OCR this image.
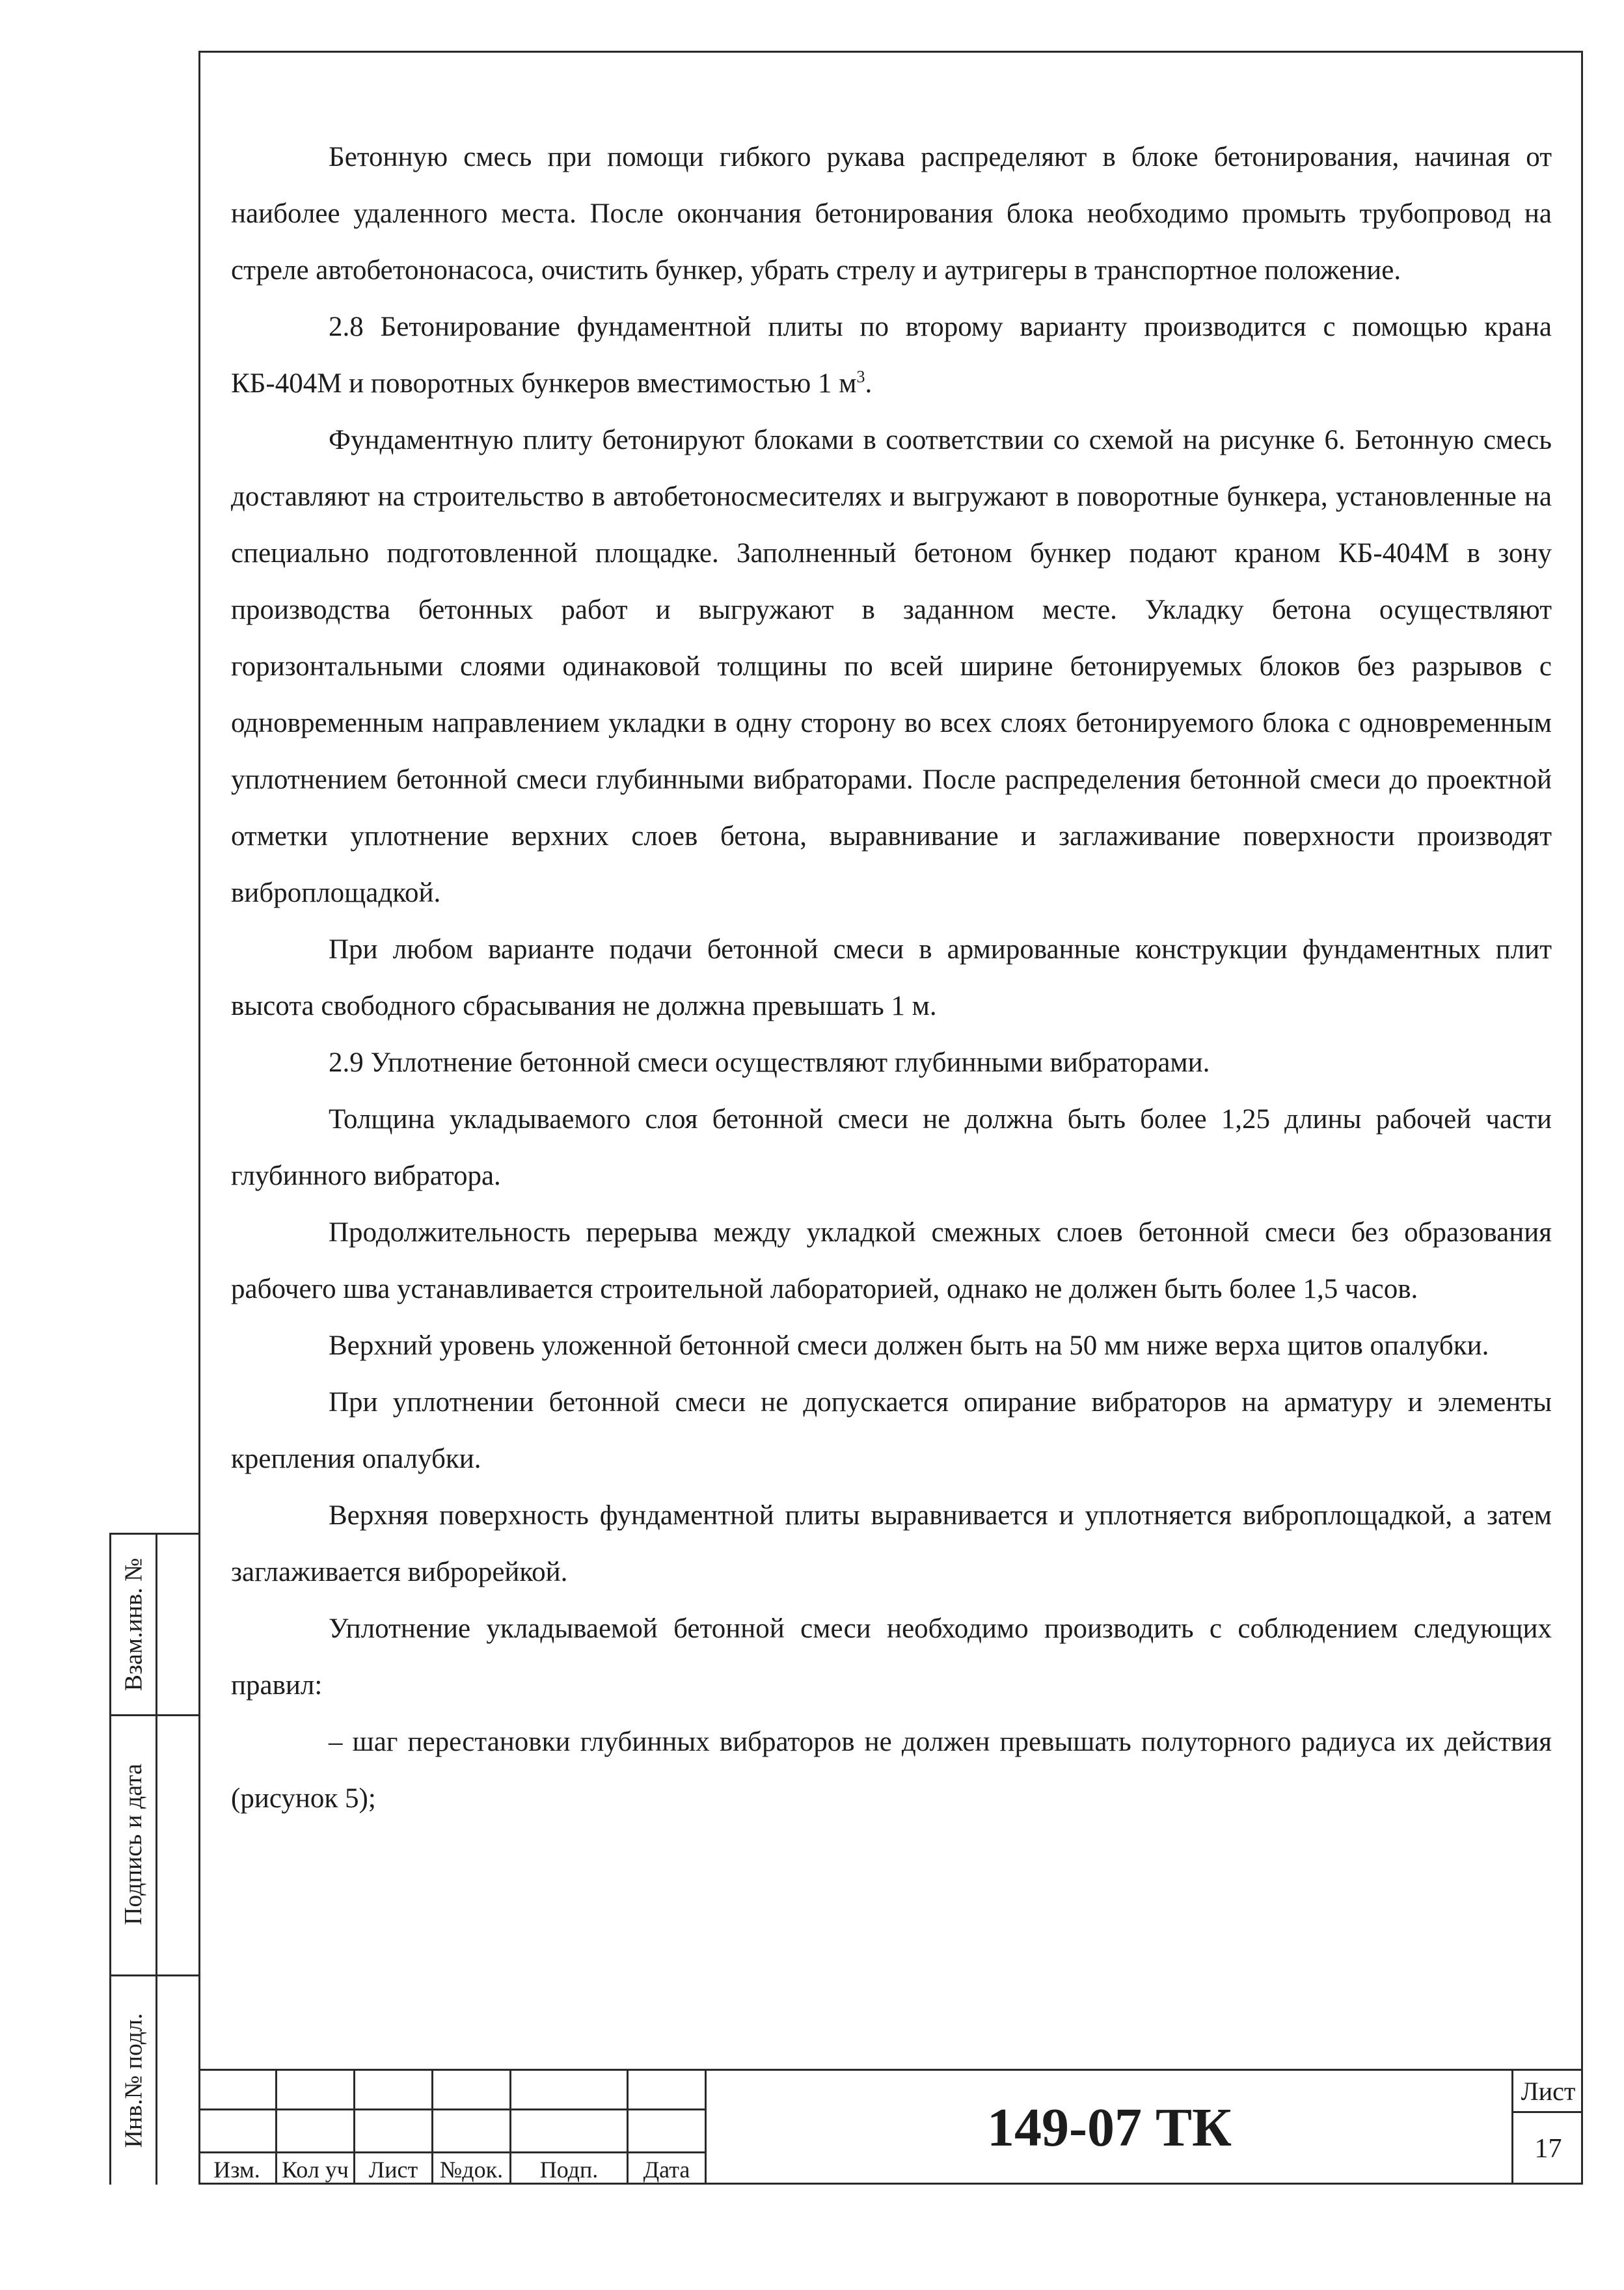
Бетонную смесь при помощи гибкого рукава распределяют в блоке бетонирования, начиная от наиболее удаленного места. После окончания бетонирования блока необходимо промыть трубопровод на стреле автобетононасоса, очистить бункер, убрать стрелу и аутригеры в транспортное положение.

2.8 Бетонирование фундаментной плиты по второму варианту производится с помощью крана КБ-404М и поворотных бункеров вместимостью 1 $м^3$.

Фундаментную плиту бетонируют блоками в соответствии со схемой на рисунке 6. Бетонную смесь доставляют на строительство в автобетоносмесителях и выгружают в поворотные бункера, установленные на специально подготовленной площадке. Заполненный бетоном бункер подают краном КБ-404М в зону производства бетонных работ и выгружают в заданном месте. Укладку бетона осуществляют горизонтальными слоями одинаковой толщины по всей ширине бетонируемых блоков без разрывов с одновременным направлением укладки в одну сторону во всех слоях бетонируемого блока с одновременным уплотнением бетонной смеси глубинными вибраторами. После распределения бетонной смеси до проектной отметки уплотнение верхних слоев бетона, выравнивание и заглаживание поверхности производят виброплощадкой.

При любом варианте подачи бетонной смеси в армированные конструкции фундаментных плит высота свободного сбрасывания не должна превышать 1 м.

2.9 Уплотнение бетонной смеси осуществляют глубинными вибраторами.

Толщина укладываемого слоя бетонной смеси не должна быть более 1,25 длины рабочей части глубинного вибратора.

Продолжительность перерыва между укладкой смежных слоев бетонной смеси без образования рабочего шва устанавливается строительной лабораторией, однако не должен быть более 1,5 часов.

Верхний уровень уложенной бетонной смеси должен быть на 50 мм ниже верха щитов опалубки.

При уплотнении бетонной смеси не допускается опирание вибраторов на арматуру и элементы крепления опалубки.

Верхняя поверхность фундаментной плиты выравнивается и уплотняется виброплощадкой, а затем заглаживается виброрейкой.

Уплотнение укладываемой бетонной смеси необходимо производить с соблюдением следующих правил:

– шаг перестановки глубинных вибраторов не должен превышать полуторного радиуса их действия (рисунок 5);

Взам.инв. №
Подпись и дата
Инв.№ подл.
Изм. Кол уч Лист №док.	Подп.	Дата
149-07 ТК
Лист
17
